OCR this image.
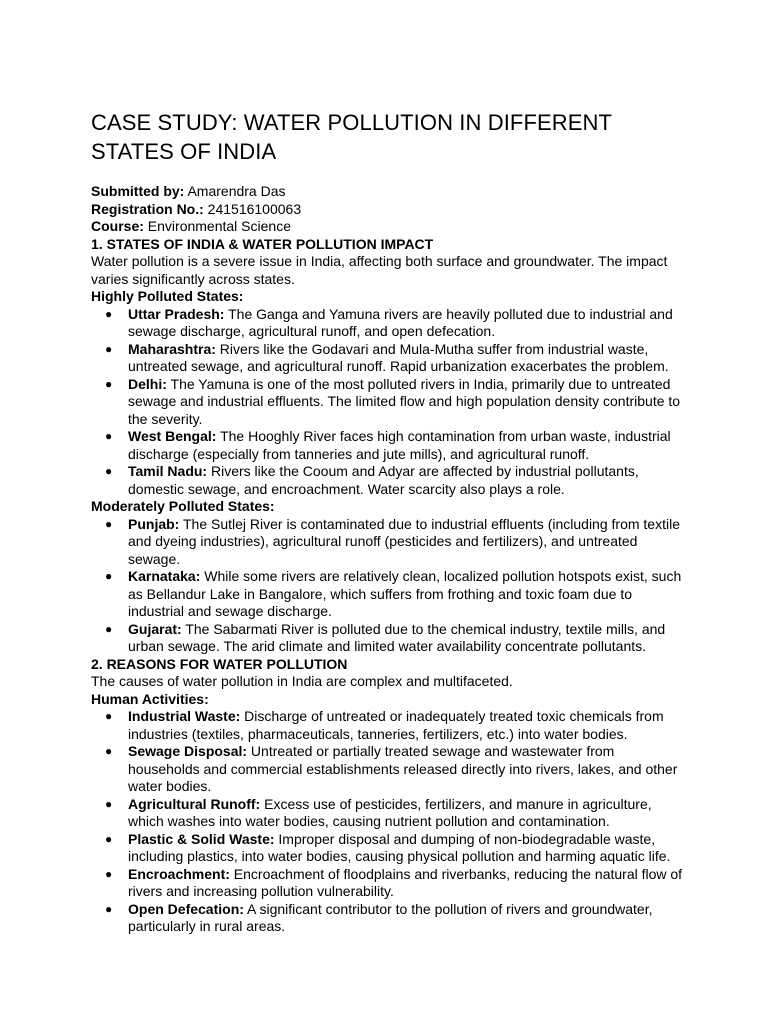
CASE STUDY: WATER POLLUTION IN DIFFERENT STATES OF INDIA

Submitted by: Amarendra Das

Registration No.: 241516100063

Course: Environmental Science

1. STATES OF INDIA & WATER POLLUTION IMPACT

Water pollution is a severe issue in India, affecting both surface and groundwater. The impact varies significantly across states.

Highly Polluted States:

● Uttar Pradesh: The Ganga and Yamuna rivers are heavily polluted due to industrial and sewage discharge, agricultural runoff, and open defecation.
● Maharashtra: Rivers like the Godavari and Mula-Mutha suffer from industrial waste, untreated sewage, and agricultural runoff. Rapid urbanization exacerbates the problem.
● Delhi: The Yamuna is one of the most polluted rivers in India, primarily due to untreated sewage and industrial effluents. The limited flow and high population density contribute to the severity.
● West Bengal: The Hooghly River faces high contamination from urban waste, industrial discharge (especially from tanneries and jute mills), and agricultural runoff.
● Tamil Nadu: Rivers like the Cooum and Adyar are affected by industrial pollutants, domestic sewage, and encroachment. Water scarcity also plays a role.

Moderately Polluted States:

● Punjab: The Sutlej River is contaminated due to industrial effluents (including from textile and dyeing industries), agricultural runoff (pesticides and fertilizers), and untreated sewage.
● Karnataka: While some rivers are relatively clean, localized pollution hotspots exist, such as Bellandur Lake in Bangalore, which suffers from frothing and toxic foam due to industrial and sewage discharge.
● Gujarat: The Sabarmati River is polluted due to the chemical industry, textile mills, and urban sewage. The arid climate and limited water availability concentrate pollutants.

2. REASONS FOR WATER POLLUTION

The causes of water pollution in India are complex and multifaceted.

Human Activities:

● Industrial Waste: Discharge of untreated or inadequately treated toxic chemicals from industries (textiles, pharmaceuticals, tanneries, fertilizers, etc.) into water bodies.
● Sewage Disposal: Untreated or partially treated sewage and wastewater from households and commercial establishments released directly into rivers, lakes, and other water bodies.
● Agricultural Runoff: Excess use of pesticides, fertilizers, and manure in agriculture, which washes into water bodies, causing nutrient pollution and contamination.
● Plastic & Solid Waste: Improper disposal and dumping of non-biodegradable waste, including plastics, into water bodies, causing physical pollution and harming aquatic life.
● Encroachment: Encroachment of floodplains and riverbanks, reducing the natural flow of rivers and increasing pollution vulnerability.
● Open Defecation: A significant contributor to the pollution of rivers and groundwater, particularly in rural areas.
